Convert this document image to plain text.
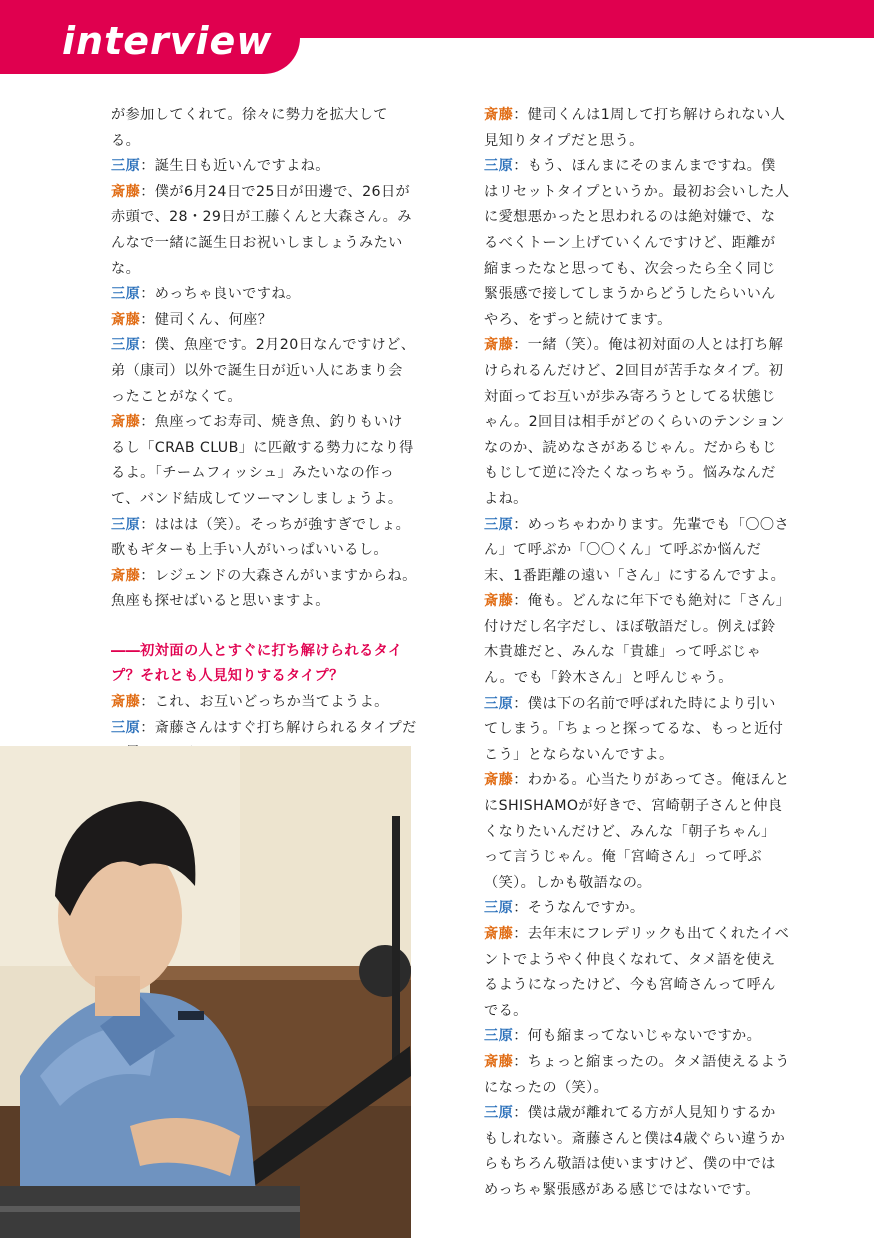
interview

が参加してくれて。徐々に勢力を拡大してる。

三原：誕生日も近いんですよね。

斎藤：僕が6月24日で25日が田邊で、26日が赤頭で、28・29日が工藤くんと大森さん。みんなで一緒に誕生日お祝いしましょうみたいな。

三原：めっちゃ良いですね。

斎藤：健司くん、何座？

三原：僕、魚座です。2月20日なんですけど、弟（康司）以外で誕生日が近い人にあまり会ったことがなくて。

斎藤：魚座ってお寿司、焼き魚、釣りもいけるし「CRAB CLUB」に匹敵する勢力になり得るよ。「チームフィッシュ」みたいなの作って、バンド結成してツーマンしましょうよ。

三原：ははは（笑）。そっちが強すぎでしょ。歌もギターも上手い人がいっぱいいるし。

斎藤：レジェンドの大森さんがいますからね。魚座も探せばいると思いますよ。

――初対面の人とすぐに打ち解けられるタイプ？それとも人見知りするタイプ？

斎藤：これ、お互いどっちか当てようよ。

三原：斎藤さんはすぐ打ち解けられるタイプだ

斎藤：健司くんは1周して打ち解けられない人見知りタイプだと思う。

三原：もう、ほんまにそのまんまですね。僕はリセットタイプというか。最初お会いした人に愛想悪かったと思われるのは絶対嫌で、なるべくトーン上げていくんですけど、距離が縮まったなと思っても、次会ったら全く同じ緊張感で接してしまうからどうしたらいいんやろ、をずっと続けてます。

斎藤：一緒（笑）。俺は初対面の人とは打ち解けられるんだけど、2回目が苦手なタイプ。初対面ってお互いが歩み寄ろうとしてる状態じゃん。2回目は相手がどのくらいのテンションなのか、読めなさがあるじゃん。だからもじもじして逆に冷たくなっちゃう。悩みなんだよね。

三原：めっちゃわかります。先輩でも「〇〇さん」て呼ぶか「〇〇くん」て呼ぶか悩んだ末、1番距離の遠い「さん」にするんですよ。

斎藤：俺も。どんなに年下でも絶対に「さん」付けだし名字だし、ほぼ敬語だし。例えば鈴木貴雄だと、みんな「貴雄」って呼ぶじゃん。でも「鈴木さん」と呼んじゃう。

三原：僕は下の名前で呼ばれた時により引いてしまう。「ちょっと探ってるな、もっと近付こう」とならないんですよ。

斎藤：わかる。心当たりがあってさ。俺ほんとにSHISHAMOが好きで、宮崎朝子さんと仲良くなりたいんだけど、みんな「朝子ちゃん」って言うじゃん。俺「宮崎さん」って呼ぶ（笑）。しかも敬語なの。

三原：そうなんですか。

斎藤：去年末にフレデリックも出てくれたイベントでようやく仲良くなれて、タメ語を使えるようになったけど、今も宮崎さんって呼んでる。

三原：何も縮まってないじゃないですか。

斎藤：ちょっと縮まったの。タメ語使えるようになったの（笑）。

三原：僕は歳が離れてる方が人見知りするかもしれない。斎藤さんと僕は4歳ぐらい違うからもちろん敬語は使いますけど、僕の中ではめっちゃ緊張感がある感じではないです。
